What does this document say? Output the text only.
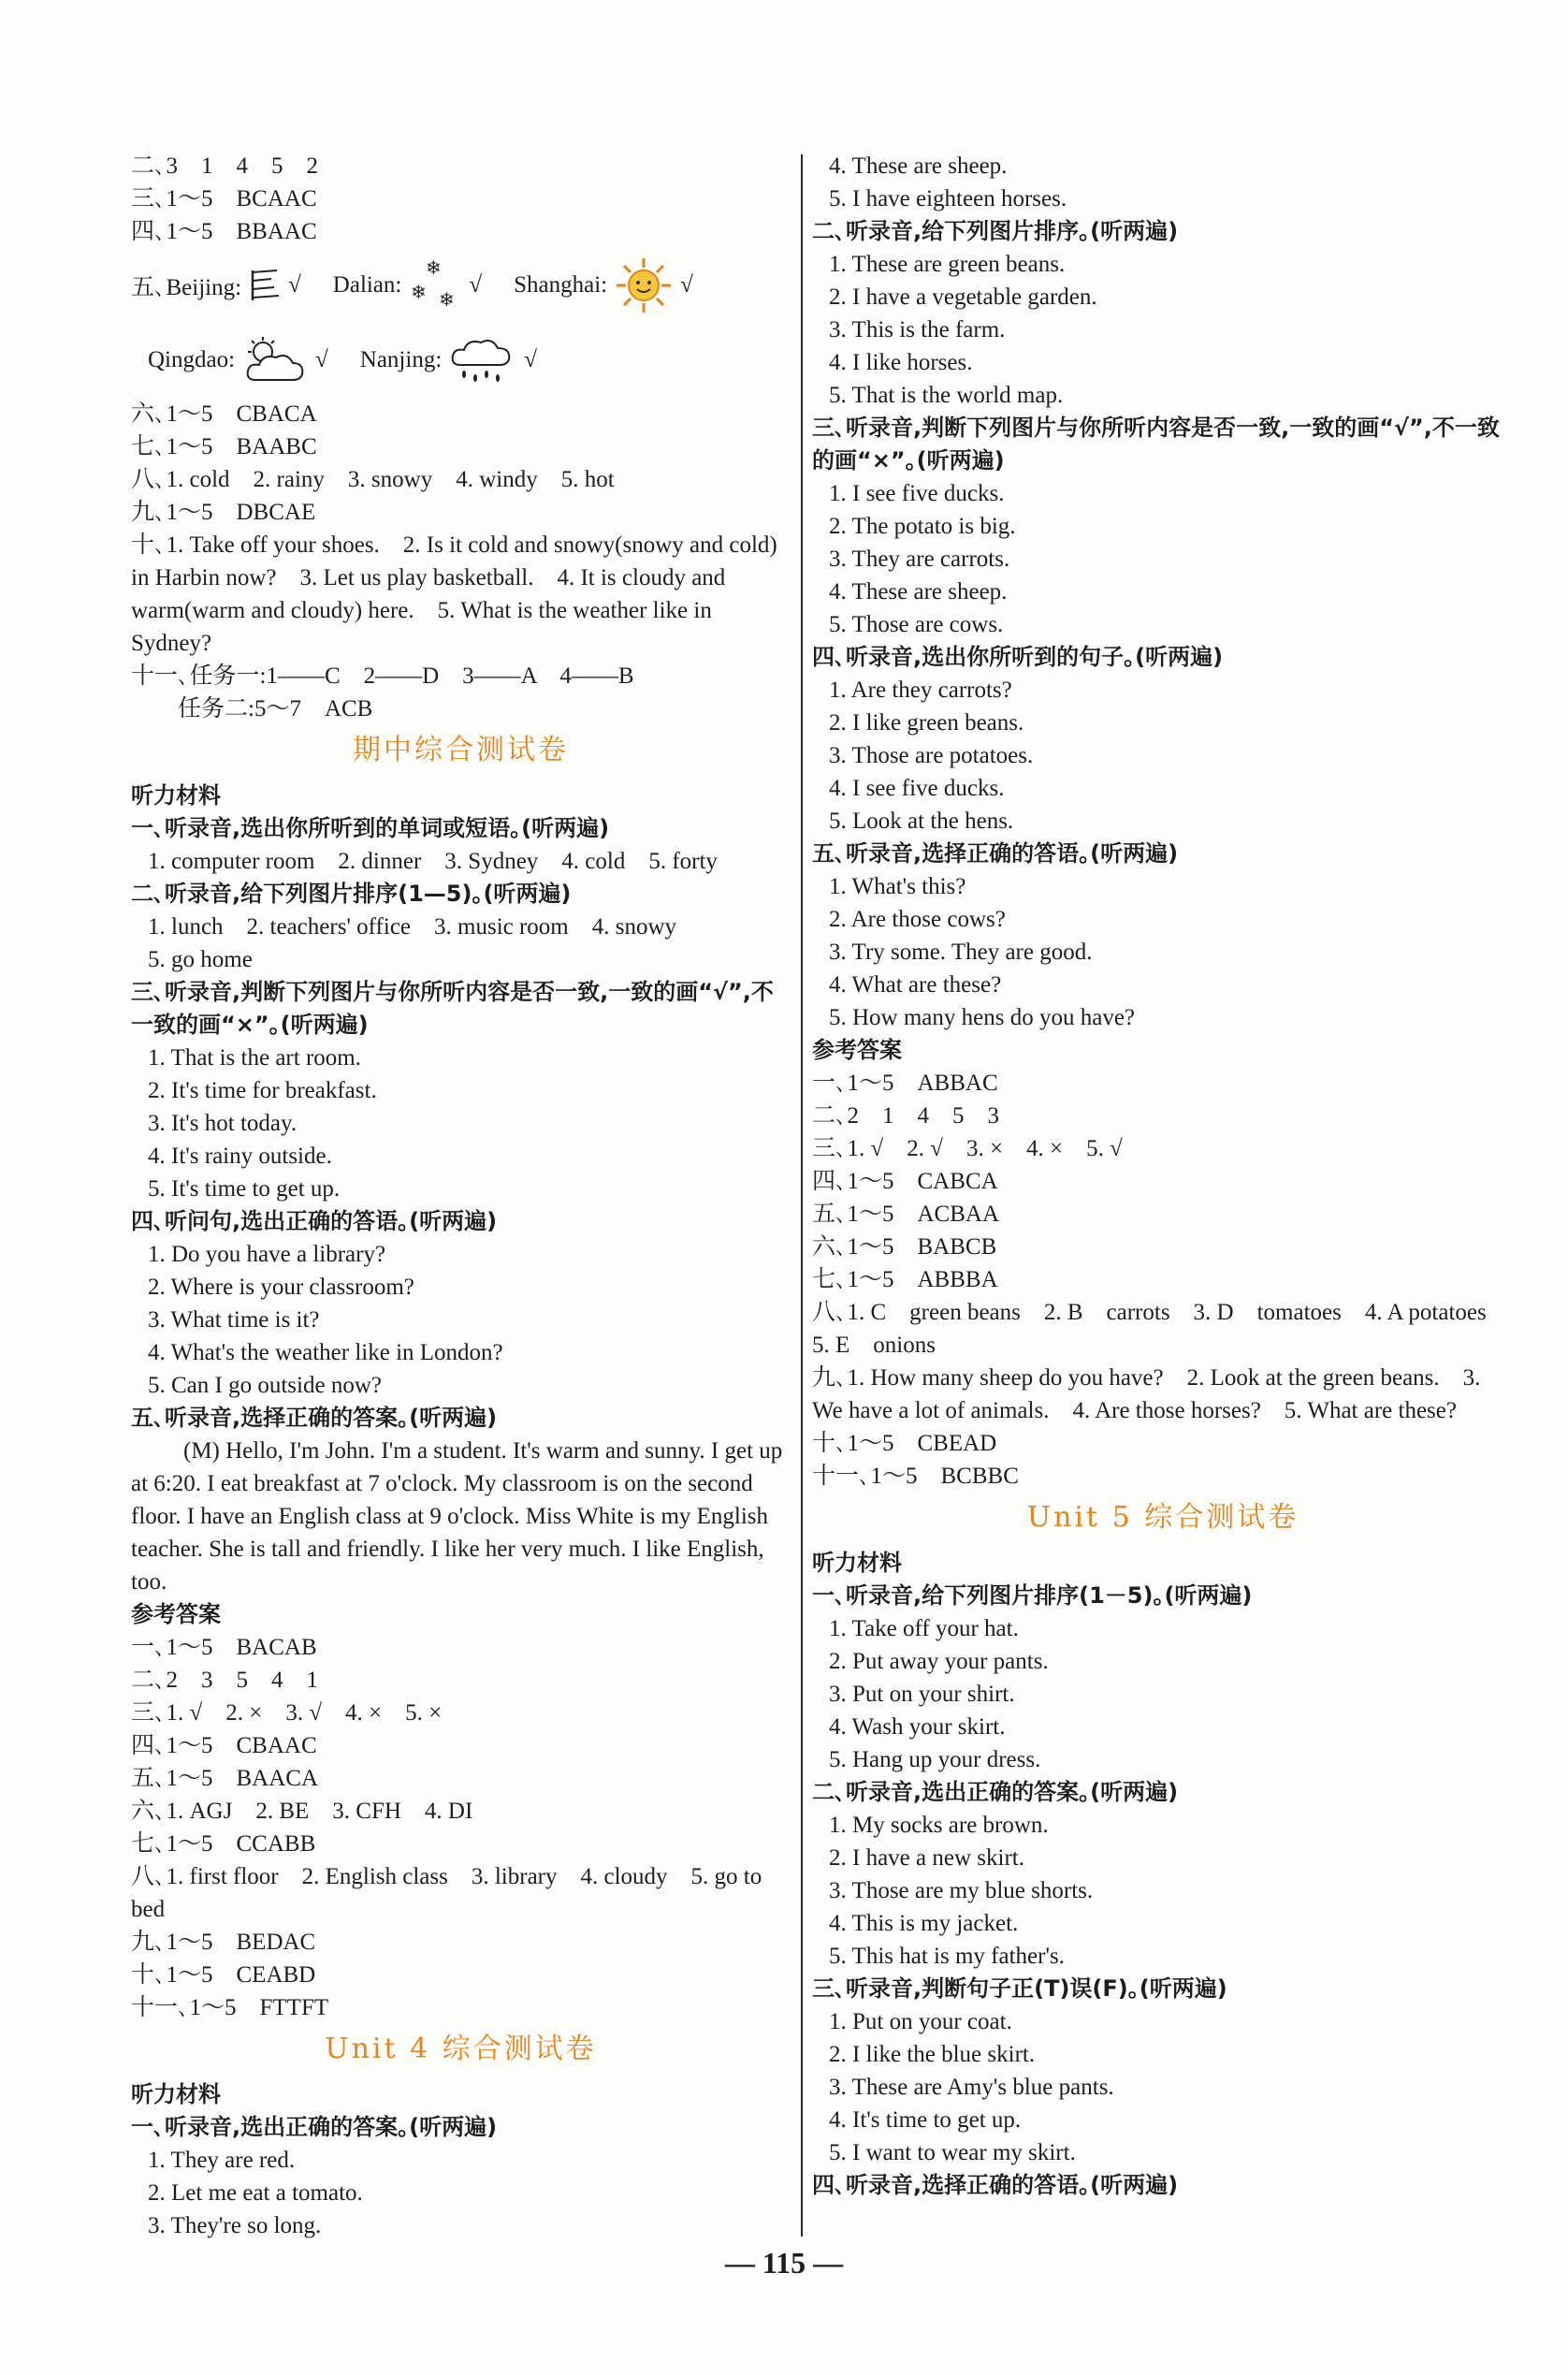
二､3　1　4　5　2
三､1～5　BCAAC
四､1～5　BBAAC
五､Beijing: √ Dalian:
❄
❄ ❄
√ Shanghai:	√
Qingdao:	√ Nanjing:	√
六､1～5　CBACA
七､1～5　BAABC
八､1. cold　2. rainy　3. snowy　4. windy　5. hot
九､1～5　DBCAE
十､1. Take off your shoes.　2. Is it cold and snowy(snowy and cold) in Harbin now?　3. Let us play basketball.　4. It is cloudy and warm(warm and cloudy) here.　5. What is the weather like in Sydney?
十一､任务一:1——C　2——D　3——A　4——B
任务二:5～7　ACB
期中综合测试卷
听力材料
一､听录音,选出你所听到的单词或短语｡(听两遍)
1. computer room　2. dinner　3. Sydney　4. cold　5. forty
二､听录音,给下列图片排序(1—5)｡(听两遍)
1. lunch　2. teachers' office　3. music room　4. snowy
5. go home
三､听录音,判断下列图片与你所听内容是否一致,一致的画“√”,不一致的画“×”｡(听两遍)
1. That is the art room.
2. It's time for breakfast.
3. It's hot today.
4. It's rainy outside.
5. It's time to get up.
四､听问句,选出正确的答语｡(听两遍)
1. Do you have a library?
2. Where is your classroom?
3. What time is it?
4. What's the weather like in London?
5. Can I go outside now?
五､听录音,选择正确的答案｡(听两遍)
(M) Hello, I'm John. I'm a student. It's warm and sunny. I get up at 6:20. I eat breakfast at 7 o'clock. My classroom is on the second floor. I have an English class at 9 o'clock. Miss White is my English teacher. She is tall and friendly. I like her very much. I like English, too.
参考答案
一､1～5　BACAB
二､2　3　5　4　1
三､1. √　2. ×　3. √　4. ×　5. ×
四､1～5　CBAAC
五､1～5　BAACA
六､1. AGJ　2. BE　3. CFH　4. DI
七､1～5　CCABB
八､1. first floor　2. English class　3. library　4. cloudy　5. go to bed
九､1～5　BEDAC
十､1～5　CEABD
十一､1～5　FTTFT
Unit 4 综合测试卷
听力材料
一､听录音,选出正确的答案｡(听两遍)
1. They are red.
2. Let me eat a tomato.
3. They're so long.
4. These are sheep.
5. I have eighteen horses.
二､听录音,给下列图片排序｡(听两遍)
1. These are green beans.
2. I have a vegetable garden.
3. This is the farm.
4. I like horses.
5. That is the world map.
三､听录音,判断下列图片与你所听内容是否一致,一致的画“√”,不一致的画“×”｡(听两遍)
1. I see five ducks.
2. The potato is big.
3. They are carrots.
4. These are sheep.
5. Those are cows.
四､听录音,选出你所听到的句子｡(听两遍)
1. Are they carrots?
2. I like green beans.
3. Those are potatoes.
4. I see five ducks.
5. Look at the hens.
五､听录音,选择正确的答语｡(听两遍)
1. What's this?
2. Are those cows?
3. Try some. They are good.
4. What are these?
5. How many hens do you have?
参考答案
一､1～5　ABBAC
二､2　1　4　5　3
三､1. √　2. √　3. ×　4. ×　5. √
四､1～5　CABCA
五､1～5　ACBAA
六､1～5　BABCB
七､1～5　ABBBA
八､1. C　green beans　2. B　carrots　3. D　tomatoes　4. A potatoes　5. E　onions
九､1. How many sheep do you have?　2. Look at the green beans.　3. We have a lot of animals.　4. Are those horses?　5. What are these?
十､1～5　CBEAD
十一､1～5　BCBBC
Unit 5 综合测试卷
听力材料
一､听录音,给下列图片排序(1－5)｡(听两遍)
1. Take off your hat.
2. Put away your pants.
3. Put on your shirt.
4. Wash your skirt.
5. Hang up your dress.
二､听录音,选出正确的答案｡(听两遍)
1. My socks are brown.
2. I have a new skirt.
3. Those are my blue shorts.
4. This is my jacket.
5. This hat is my father's.
三､听录音,判断句子正(T)误(F)｡(听两遍)
1. Put on your coat.
2. I like the blue skirt.
3. These are Amy's blue pants.
4. It's time to get up.
5. I want to wear my skirt.
四､听录音,选择正确的答语｡(听两遍)
— 115 —
